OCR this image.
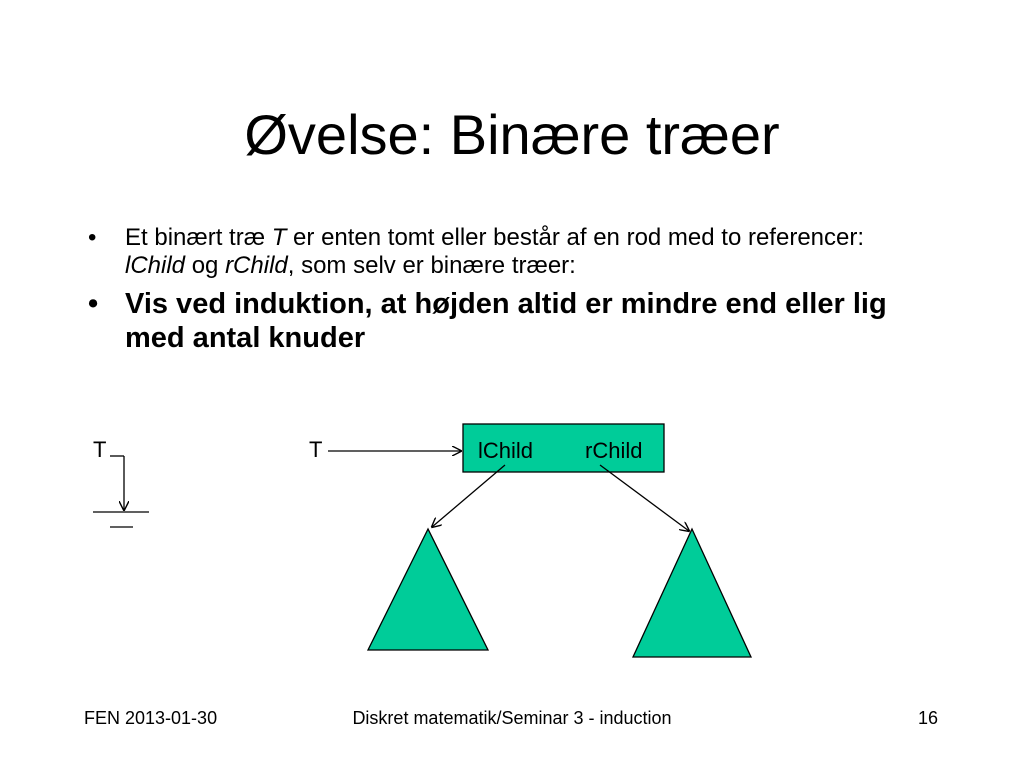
Øvelse: Binære træer
• Et binært træ T er enten tomt eller består af en rod med to referencer: lChild og rChild, som selv er binære træer:
• Vis ved induktion, at højden altid er mindre end eller lig med antal knuder
T	T	lChild rChild
FEN 2013-01-30	Diskret matematik/Seminar 3 - induction	16
